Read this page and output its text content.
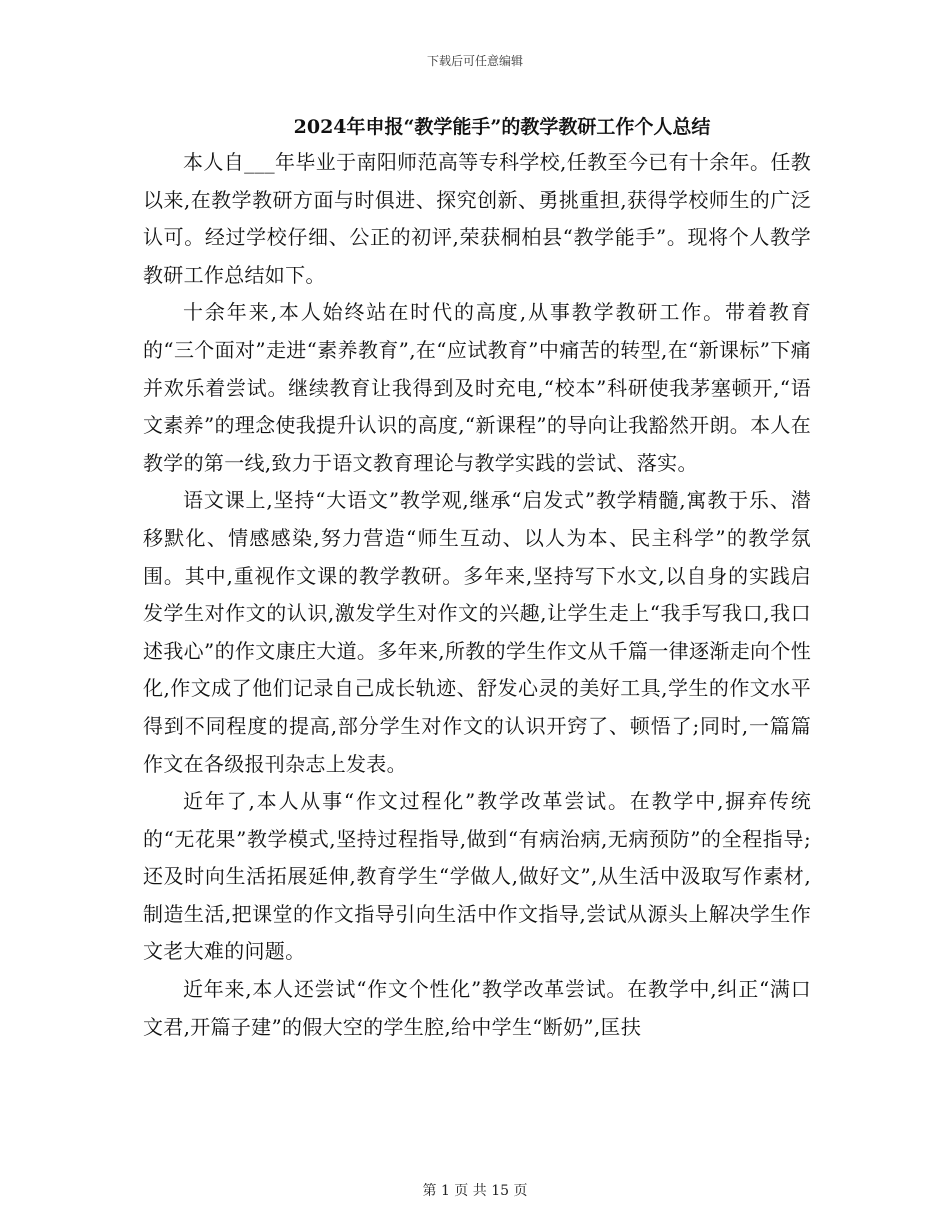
下载后可任意编辑
2024年申报“教学能手”的教学教研工作个人总结

本人自___年毕业于南阳师范高等专科学校,任教至今已有十余年。任教以来,在教学教研方面与时俱进、探究创新、勇挑重担,获得学校师生的广泛认可。经过学校仔细、公正的初评,荣获桐柏县“教学能手”。现将个人教学教研工作总结如下。

十余年来,本人始终站在时代的高度,从事教学教研工作。带着教育的“三个面对”走进“素养教育”,在“应试教育”中痛苦的转型,在“新课标”下痛并欢乐着尝试。继续教育让我得到及时充电,“校本”科研使我茅塞顿开,“语文素养”的理念使我提升认识的高度,“新课程”的导向让我豁然开朗。本人在教学的第一线,致力于语文教育理论与教学实践的尝试、落实。

语文课上,坚持“大语文”教学观,继承“启发式”教学精髓,寓教于乐、潜移默化、情感感染,努力营造“师生互动、以人为本、民主科学”的教学氛围。其中,重视作文课的教学教研。多年来,坚持写下水文,以自身的实践启发学生对作文的认识,激发学生对作文的兴趣,让学生走上“我手写我口,我口述我心”的作文康庄大道。多年来,所教的学生作文从千篇一律逐渐走向个性化,作文成了他们记录自己成长轨迹、舒发心灵的美好工具,学生的作文水平得到不同程度的提高,部分学生对作文的认识开窍了、顿悟了;同时,一篇篇作文在各级报刊杂志上发表。

近年了,本人从事“作文过程化”教学改革尝试。在教学中,摒弃传统的“无花果”教学模式,坚持过程指导,做到“有病治病,无病预防”的全程指导;还及时向生活拓展延伸,教育学生“学做人,做好文”,从生活中汲取写作素材,制造生活,把课堂的作文指导引向生活中作文指导,尝试从源头上解决学生作文老大难的问题。

近年来,本人还尝试“作文个性化”教学改革尝试。在教学中,纠正“满口文君,开篇子建”的假大空的学生腔,给中学生“断奶”,匡扶

第 1 页 共 15 页
